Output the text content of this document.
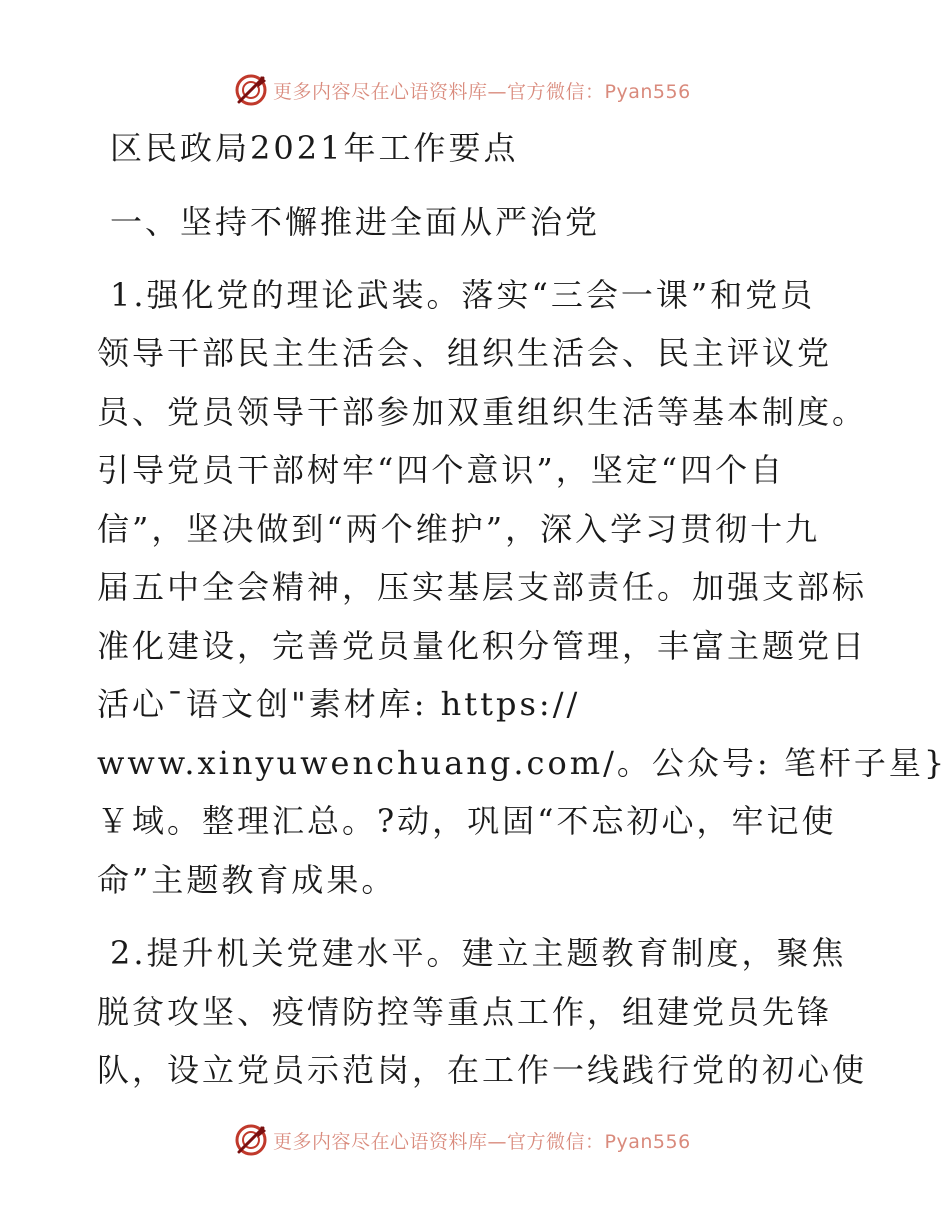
更多内容尽在心语资料库—官方微信：Pyan556
区民政局2021年工作要点
一、坚持不懈推进全面从严治党
1.强化党的理论武装。落实“三会一课”和党员
领导干部民主生活会、组织生活会、民主评议党
员、党员领导干部参加双重组织生活等基本制度。
引导党员干部树牢“四个意识”，坚定“四个自
信”，坚决做到“两个维护”，深入学习贯彻十九
届五中全会精神，压实基层支部责任。加强支部标
准化建设，完善党员量化积分管理，丰富主题党日
活心¯语文创"素材库: https://
www.xinyuwenchuang.com/。公众号: 笔杆子星}
￥域。整理汇总。?动，巩固“不忘初心，牢记使
命”主题教育成果。
2.提升机关党建水平。建立主题教育制度，聚焦
脱贫攻坚、疫情防控等重点工作，组建党员先锋
队，设立党员示范岗，在工作一线践行党的初心使
更多内容尽在心语资料库—官方微信：Pyan556
